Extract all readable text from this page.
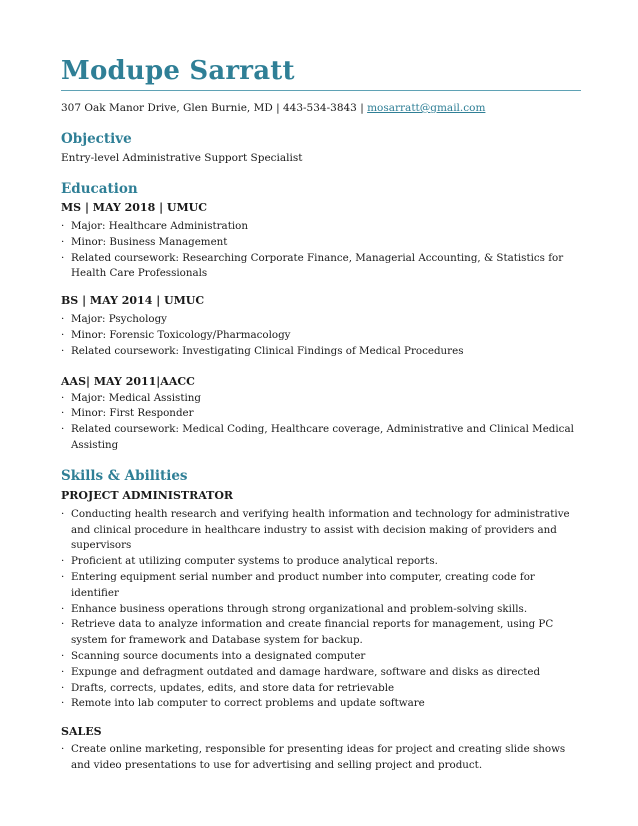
Modupe Sarratt
307 Oak Manor Drive, Glen Burnie, MD | 443-534-3843 | mosarratt@gmail.com
Objective
Entry-level Administrative Support Specialist
Education
MS | MAY 2018 | UMUC
· Major: Healthcare Administration
· Minor: Business Management
· Related coursework: Researching Corporate Finance, Managerial Accounting, & Statistics for Health Care Professionals
BS | MAY 2014 | UMUC
· Major: Psychology
· Minor: Forensic Toxicology/Pharmacology
· Related coursework: Investigating Clinical Findings of Medical Procedures
AAS| MAY 2011|AACC
· Major: Medical Assisting
· Minor: First Responder
· Related coursework: Medical Coding, Healthcare coverage, Administrative and Clinical Medical Assisting
Skills & Abilities
PROJECT ADMINISTRATOR
· Conducting health research and verifying health information and technology for administrative and clinical procedure in healthcare industry to assist with decision making of providers and supervisors
· Proficient at utilizing computer systems to produce analytical reports.
· Entering equipment serial number and product number into computer, creating code for identifier
· Enhance business operations through strong organizational and problem-solving skills.
· Retrieve data to analyze information and create financial reports for management, using PC system for framework and Database system for backup.
· Scanning source documents into a designated computer
· Expunge and defragment outdated and damage hardware, software and disks as directed
· Drafts, corrects, updates, edits, and store data for retrievable
· Remote into lab computer to correct problems and update software
SALES
· Create online marketing, responsible for presenting ideas for project and creating slide shows and video presentations to use for advertising and selling project and product.
